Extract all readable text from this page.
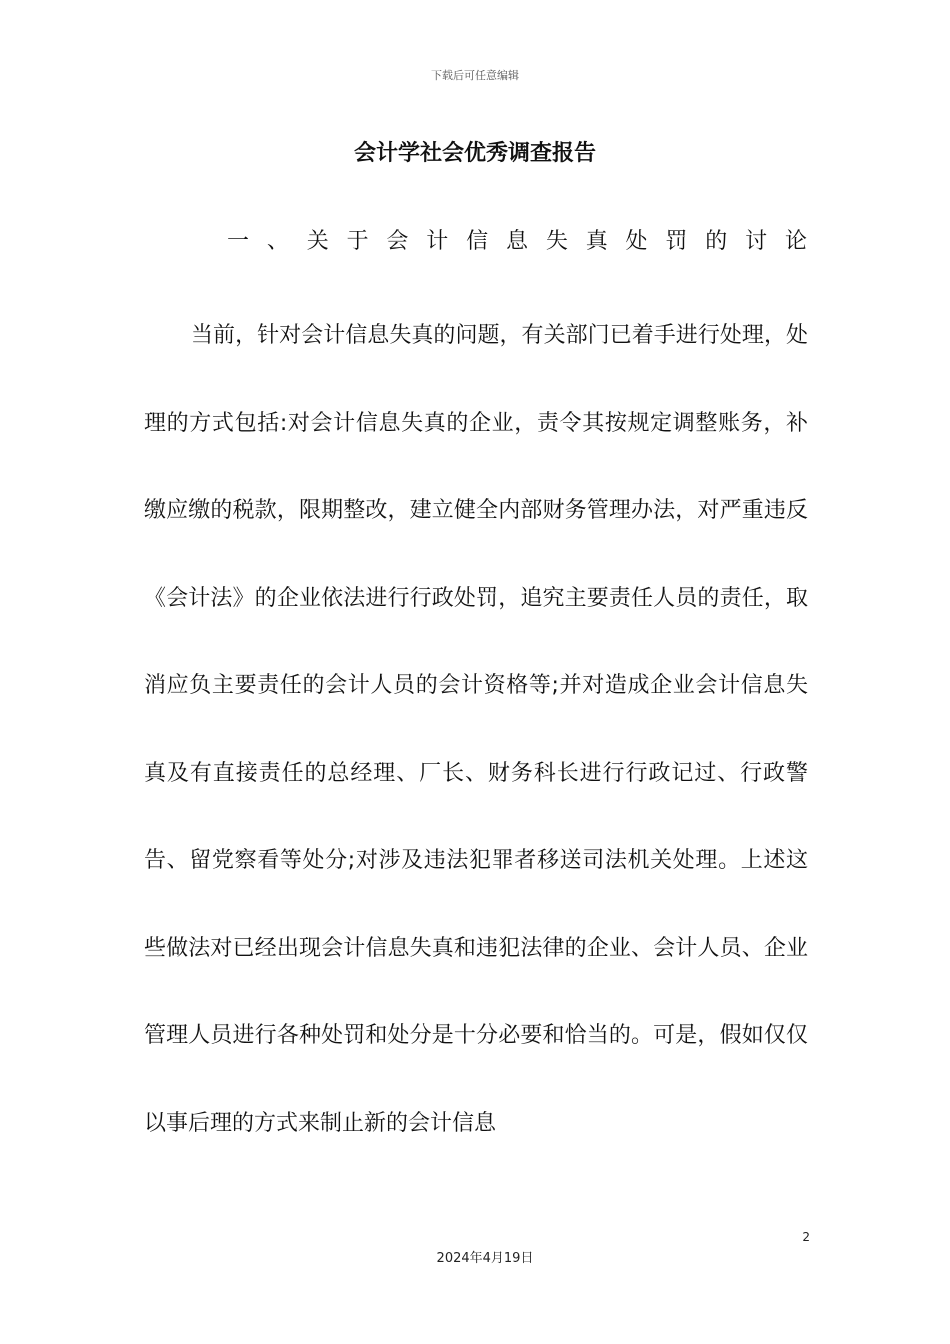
下载后可任意编辑
会计学社会优秀调查报告
一、关于会计信息失真处罚的讨论

当前，针对会计信息失真的问题，有关部门已着手进行处理，处理的方式包括:对会计信息失真的企业，责令其按规定调整账务，补缴应缴的税款，限期整改，建立健全内部财务管理办法，对严重违反《会计法》的企业依法进行行政处罚，追究主要责任人员的责任，取消应负主要责任的会计人员的会计资格等;并对造成企业会计信息失真及有直接责任的总经理、厂长、财务科长进行行政记过、行政警告、留党察看等处分;对涉及违法犯罪者移送司法机关处理。上述这些做法对已经出现会计信息失真和违犯法律的企业、会计人员、企业管理人员进行各种处罚和处分是十分必要和恰当的。可是，假如仅仅以事后理的方式来制止新的会计信息

2
2024年4月19日
